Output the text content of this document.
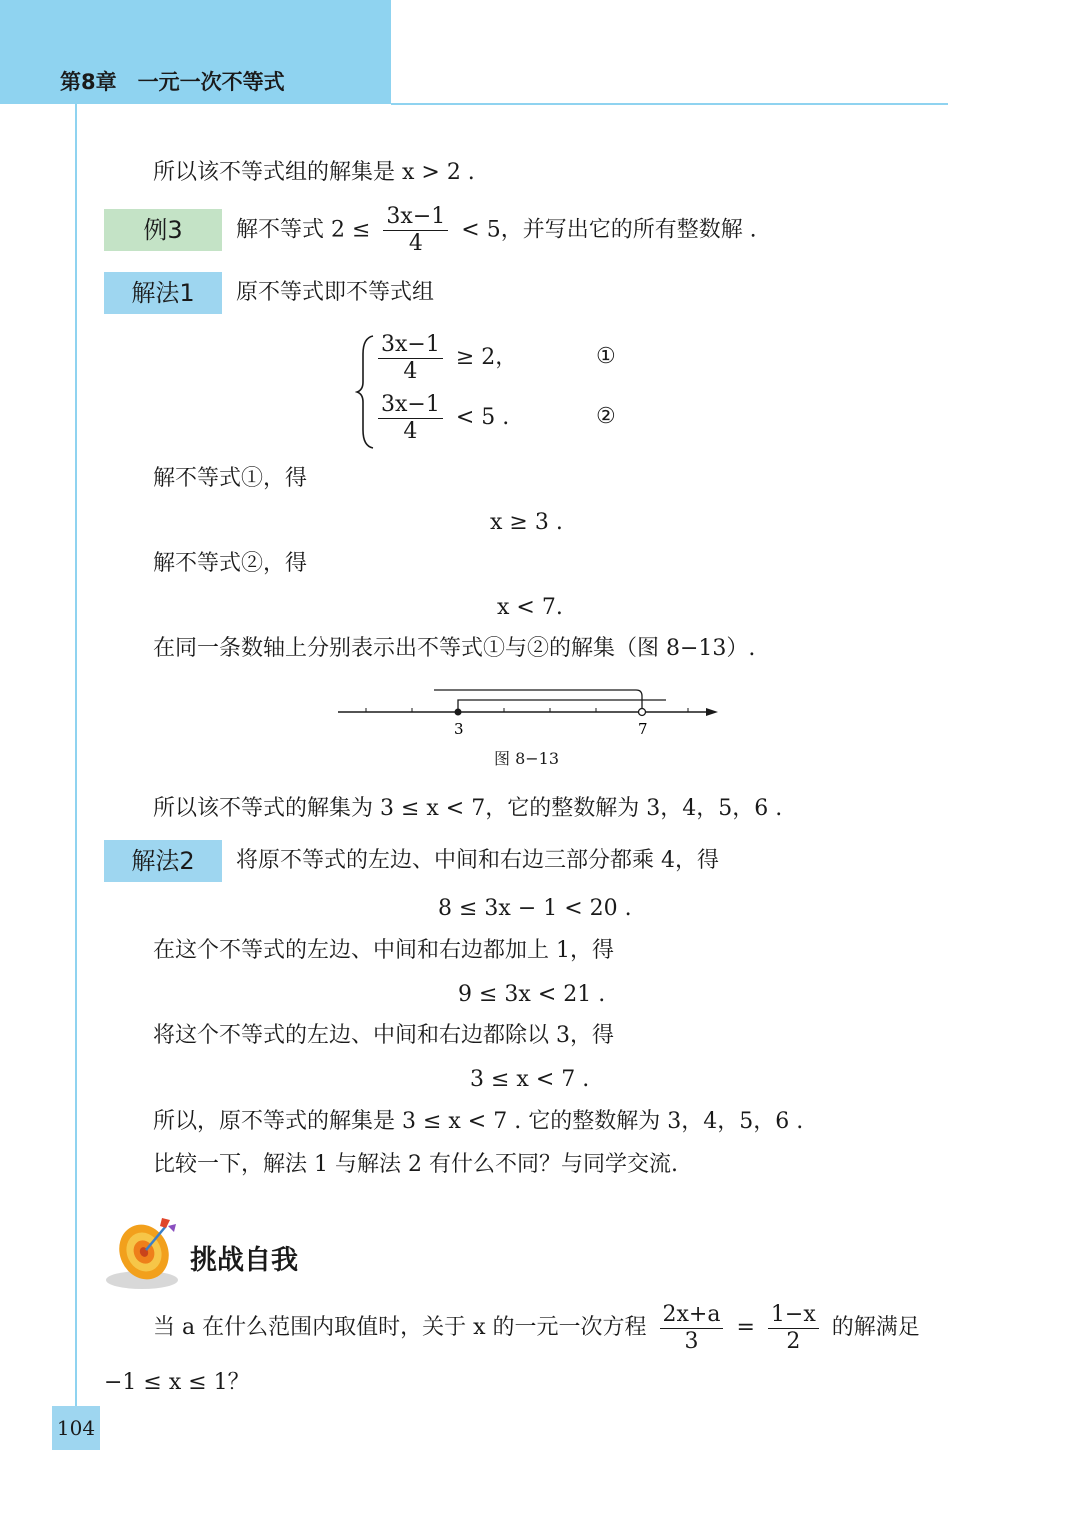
第8章　一元一次不等式
所以该不等式组的解集是 x > 2 .
例3	解不等式 $2 \le \frac{3x-1}{4} < 5$，并写出它的所有整数解 .
解法1	原不等式即不等式组
$\frac{3x-1}{4} \ge 2$，	①
$\frac{3x-1}{4} < 5$ .	②
解不等式①，得
x ≥ 3 .
解不等式②，得
x < 7.
在同一条数轴上分别表示出不等式①与②的解集（图 8−13）.
3	7
图 8−13
所以该不等式的解集为 3 ≤ x < 7，它的整数解为 3，4，5，6 .
解法2	将原不等式的左边、中间和右边三部分都乘 4，得
8 ≤ 3x − 1 < 20 .
在这个不等式的左边、中间和右边都加上 1，得
9 ≤ 3x < 21 .
将这个不等式的左边、中间和右边都除以 3，得
3 ≤ x < 7 .
所以，原不等式的解集是 3 ≤ x < 7 . 它的整数解为 3，4，5，6 .
比较一下，解法 1 与解法 2 有什么不同？与同学交流.
挑战自我
当 a 在什么范围内取值时，关于 x 的一元一次方程 $\frac{2x+a}{3} = \frac{1-x}{2}$ 的解满足
−1 ≤ x ≤ 1？
104
